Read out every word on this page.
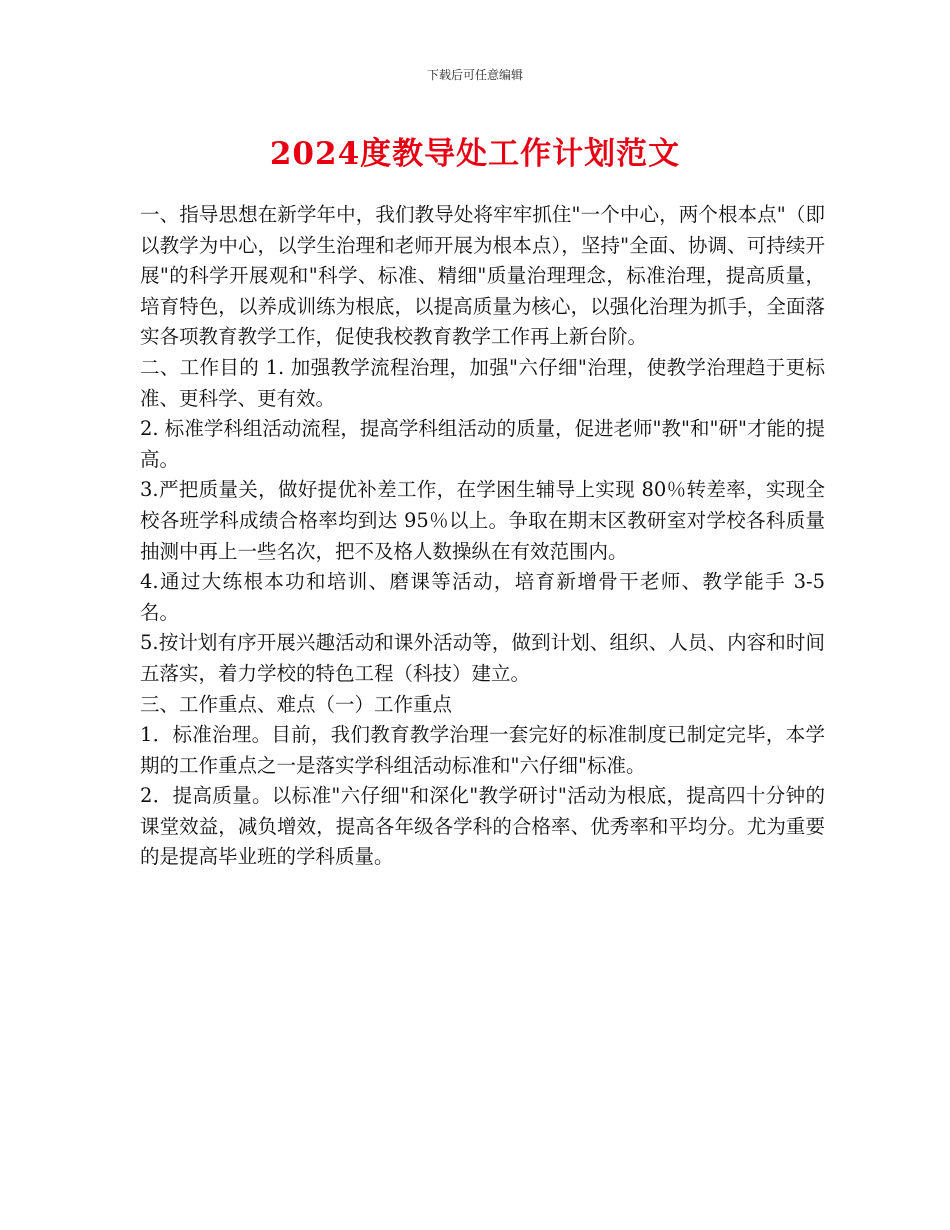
下载后可任意编辑
2024度教导处工作计划范文

一、指导思想在新学年中，我们教导处将牢牢抓住"一个中心，两个根本点"（即以教学为中心，以学生治理和老师开展为根本点），坚持"全面、协调、可持续开展"的科学开展观和"科学、标准、精细"质量治理理念，标准治理，提高质量，培育特色，以养成训练为根底，以提高质量为核心，以强化治理为抓手，全面落实各项教育教学工作，促使我校教育教学工作再上新台阶。

二、工作目的 1. 加强教学流程治理，加强"六仔细"治理，使教学治理趋于更标准、更科学、更有效。

2. 标准学科组活动流程，提高学科组活动的质量，促进老师"教"和"研"才能的提高。

3.严把质量关，做好提优补差工作，在学困生辅导上实现 80％转差率，实现全校各班学科成绩合格率均到达 95％以上。争取在期末区教研室对学校各科质量抽测中再上一些名次，把不及格人数操纵在有效范围内。

4.通过大练根本功和培训、磨课等活动，培育新增骨干老师、教学能手 3-5 名。

5.按计划有序开展兴趣活动和课外活动等，做到计划、组织、人员、内容和时间五落实，着力学校的特色工程（科技）建立。

三、工作重点、难点（一）工作重点

1．标准治理。目前，我们教育教学治理一套完好的标准制度已制定完毕，本学期的工作重点之一是落实学科组活动标准和"六仔细"标准。

2．提高质量。以标准"六仔细"和深化"教学研讨"活动为根底，提高四十分钟的课堂效益，减负增效，提高各年级各学科的合格率、优秀率和平均分。尤为重要的是提高毕业班的学科质量。
